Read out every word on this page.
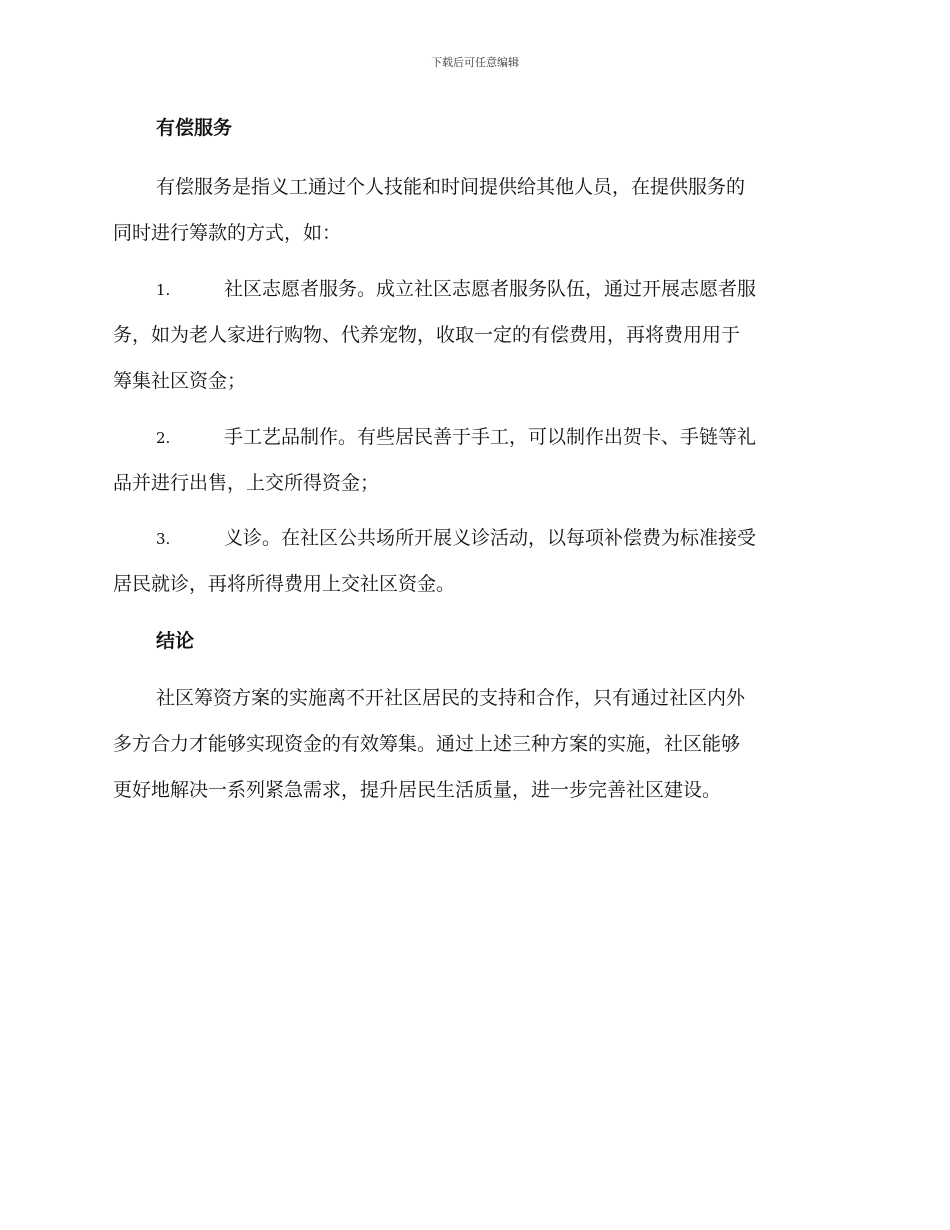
下载后可任意编辑
有偿服务
有偿服务是指义工通过个人技能和时间提供给其他人员，在提供服务的
同时进行筹款的方式，如：
1.	社区志愿者服务。成立社区志愿者服务队伍，通过开展志愿者服
务，如为老人家进行购物、代养宠物，收取一定的有偿费用，再将费用用于
筹集社区资金；
2.	手工艺品制作。有些居民善于手工，可以制作出贺卡、手链等礼
品并进行出售，上交所得资金；
3.	义诊。在社区公共场所开展义诊活动，以每项补偿费为标准接受
居民就诊，再将所得费用上交社区资金。
结论
社区筹资方案的实施离不开社区居民的支持和合作，只有通过社区内外
多方合力才能够实现资金的有效筹集。通过上述三种方案的实施，社区能够
更好地解决一系列紧急需求，提升居民生活质量，进一步完善社区建设。
